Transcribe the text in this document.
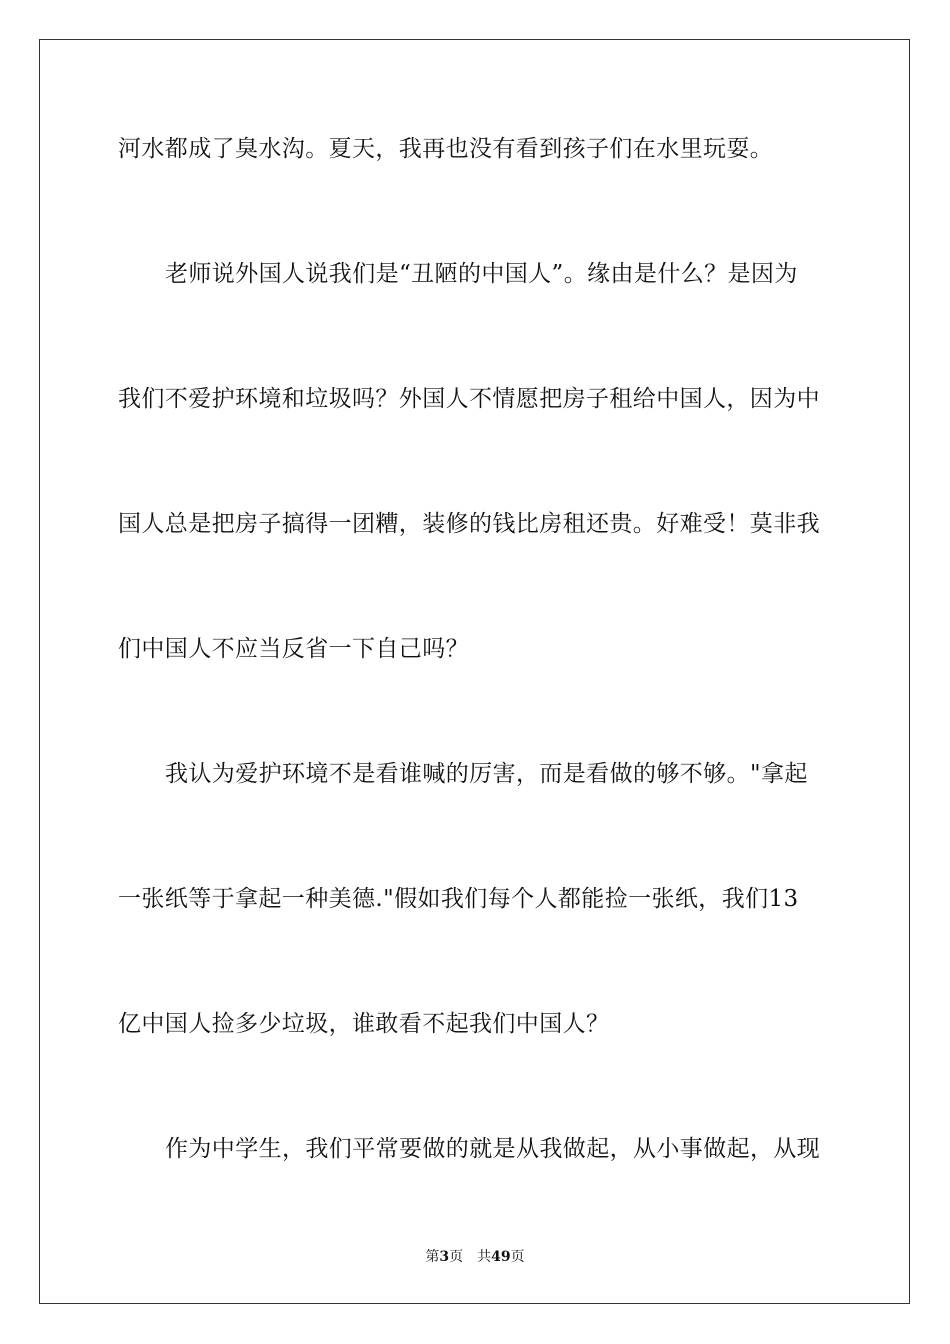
河水都成了臭水沟。夏天，我再也没有看到孩子们在水里玩耍。
老师说外国人说我们是“丑陋的中国人”。缘由是什么？是因为
我们不爱护环境和垃圾吗？外国人不情愿把房子租给中国人，因为中
国人总是把房子搞得一团糟，装修的钱比房租还贵。好难受！莫非我
们中国人不应当反省一下自己吗？
我认为爱护环境不是看谁喊的厉害，而是看做的够不够。"拿起
一张纸等于拿起一种美德."假如我们每个人都能捡一张纸，我们13
亿中国人捡多少垃圾，谁敢看不起我们中国人？
作为中学生，我们平常要做的就是从我做起，从小事做起，从现
第3页 共49页
